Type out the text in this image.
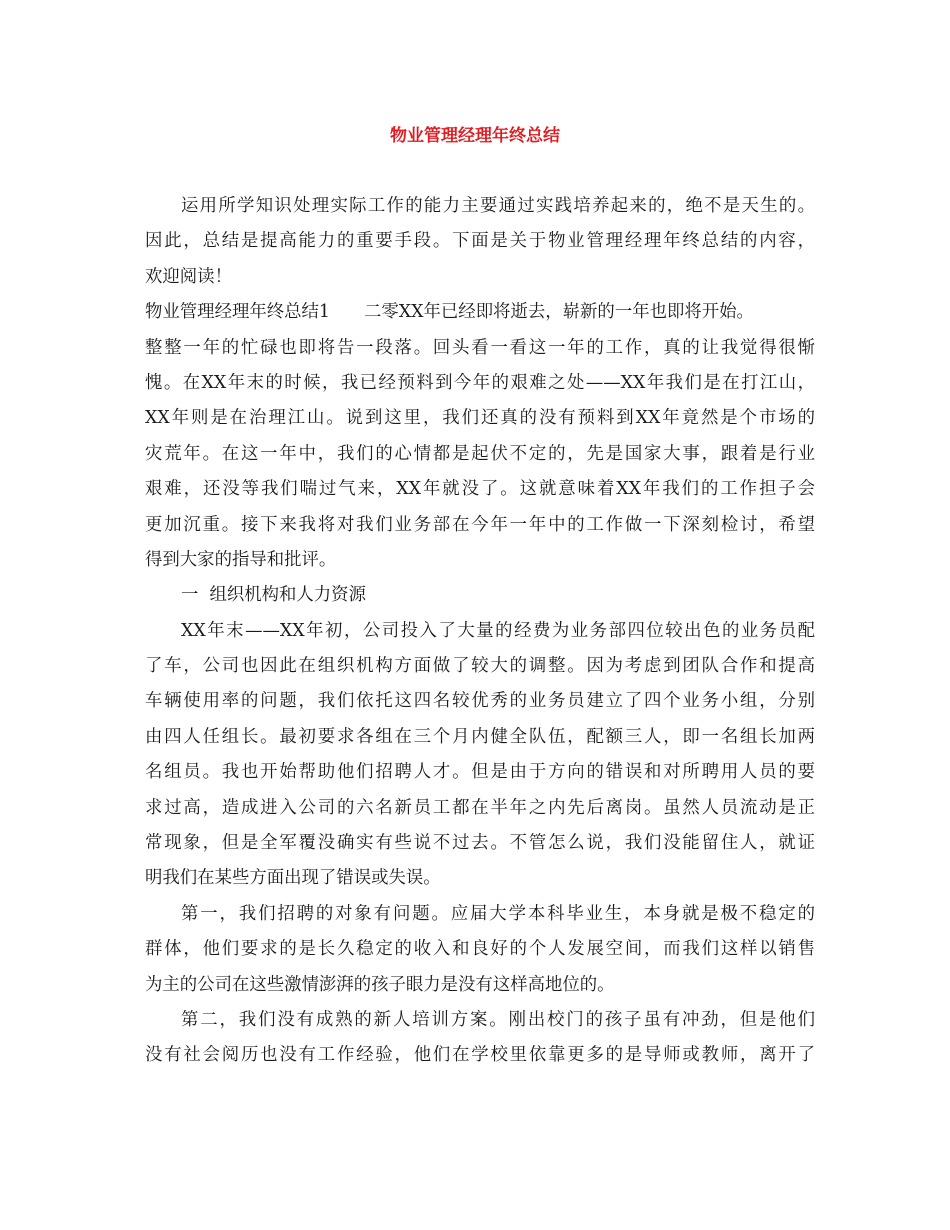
物业管理经理年终总结
运用所学知识处理实际工作的能力主要通过实践培养起来的，绝不是天生的。
因此，总结是提高能力的重要手段。下面是关于物业管理经理年终总结的内容，
欢迎阅读！
物业管理经理年终总结1 二零XX年已经即将逝去，崭新的一年也即将开始。
整整一年的忙碌也即将告一段落。回头看一看这一年的工作，真的让我觉得很惭
愧。在XX年末的时候，我已经预料到今年的艰难之处——XX年我们是在打江山，
XX年则是在治理江山。说到这里，我们还真的没有预料到XX年竟然是个市场的
灾荒年。在这一年中，我们的心情都是起伏不定的，先是国家大事，跟着是行业
艰难，还没等我们喘过气来，XX年就没了。这就意味着XX年我们的工作担子会
更加沉重。接下来我将对我们业务部在今年一年中的工作做一下深刻检讨，希望
得到大家的指导和批评。
一  组织机构和人力资源
XX年末——XX年初，公司投入了大量的经费为业务部四位较出色的业务员配
了车，公司也因此在组织机构方面做了较大的调整。因为考虑到团队合作和提高
车辆使用率的问题，我们依托这四名较优秀的业务员建立了四个业务小组，分别
由四人任组长。最初要求各组在三个月内健全队伍，配额三人，即一名组长加两
名组员。我也开始帮助他们招聘人才。但是由于方向的错误和对所聘用人员的要
求过高，造成进入公司的六名新员工都在半年之内先后离岗。虽然人员流动是正
常现象，但是全军覆没确实有些说不过去。不管怎么说，我们没能留住人，就证
明我们在某些方面出现了错误或失误。
第一，我们招聘的对象有问题。应届大学本科毕业生，本身就是极不稳定的
群体，他们要求的是长久稳定的收入和良好的个人发展空间，而我们这样以销售
为主的公司在这些激情澎湃的孩子眼力是没有这样高地位的。
第二，我们没有成熟的新人培训方案。刚出校门的孩子虽有冲劲，但是他们
没有社会阅历也没有工作经验，他们在学校里依靠更多的是导师或教师，离开了
